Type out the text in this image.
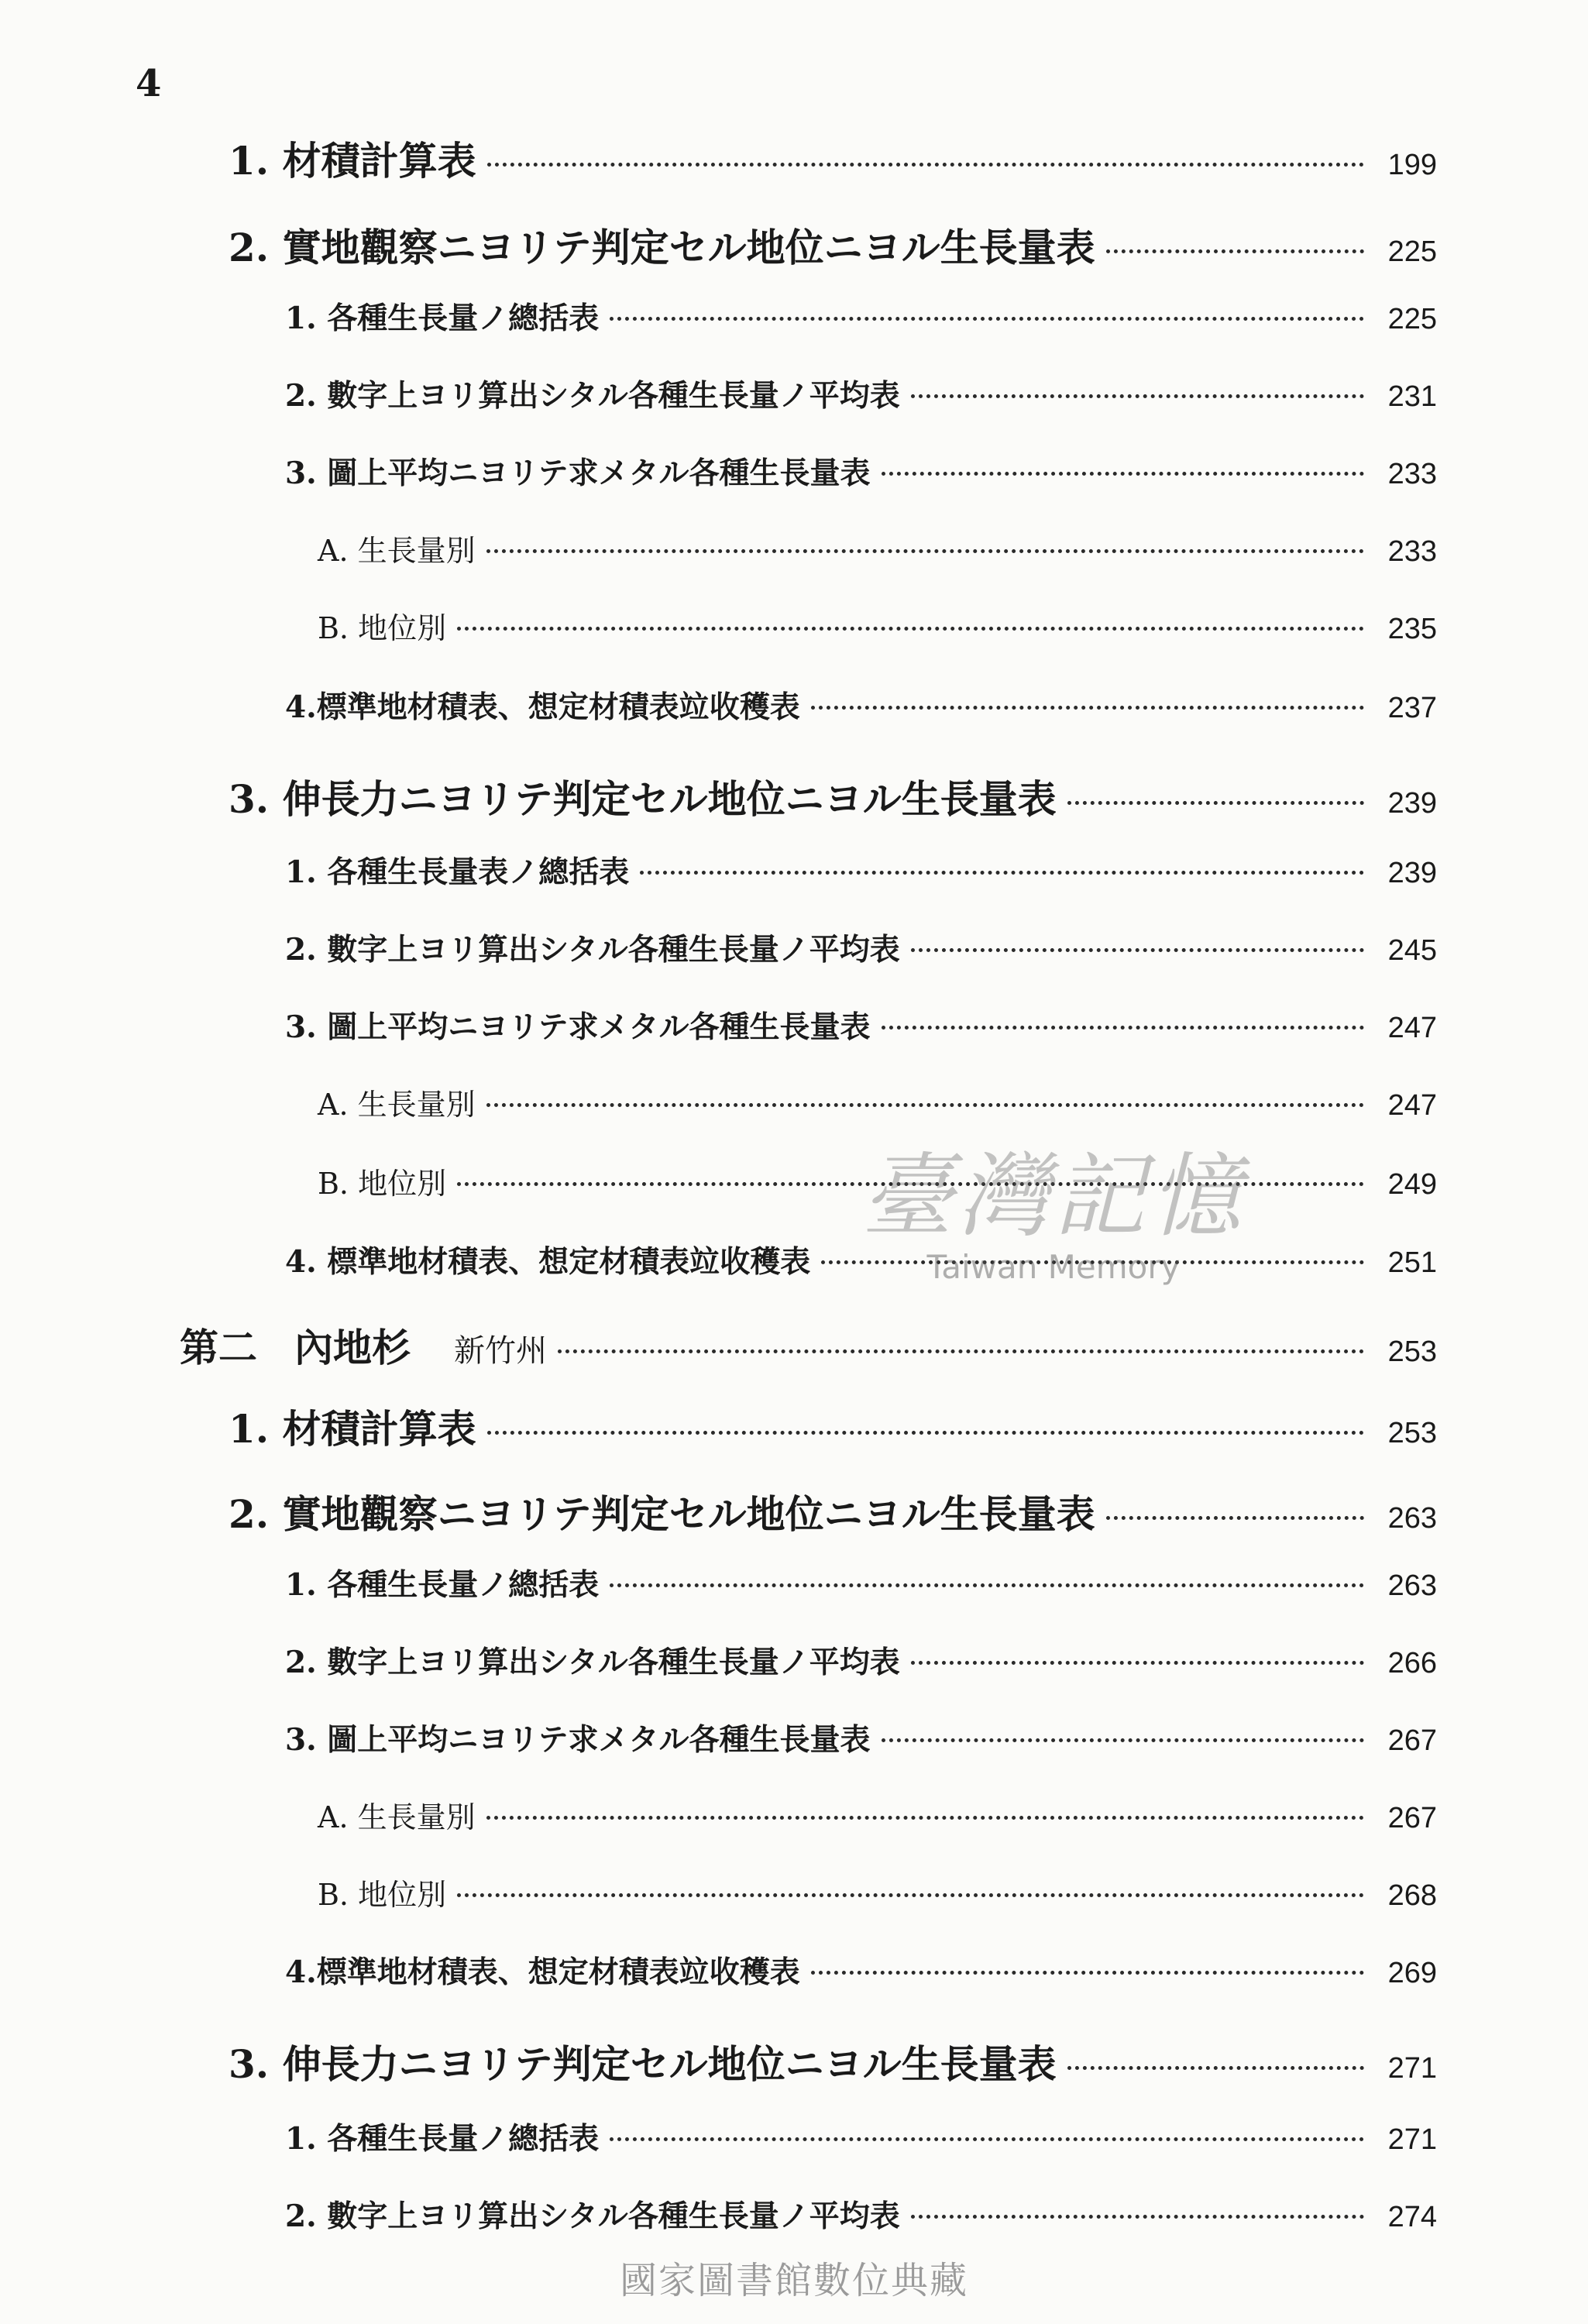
4
1. 材積計算表	199
2. 實地觀察ニヨリテ判定セル地位ニヨル生長量表	225
1. 各種生長量ノ總括表	225
2. 數字上ヨリ算出シタル各種生長量ノ平均表	231
3. 圖上平均ニヨリテ求メタル各種生長量表	233
A. 生長量別	233
B. 地位別	235
4.標準地材積表、想定材積表竝收穫表	237
3. 伸長力ニヨリテ判定セル地位ニヨル生長量表	239
1. 各種生長量表ノ總括表	239
2. 數字上ヨリ算出シタル各種生長量ノ平均表	245
3. 圖上平均ニヨリテ求メタル各種生長量表	247
A. 生長量別	247
B. 地位別	249
4. 標準地材積表、想定材積表竝收穫表	251
第二 內地杉 新竹州	253
1. 材積計算表	253
2. 實地觀察ニヨリテ判定セル地位ニヨル生長量表	263
1. 各種生長量ノ總括表	263
2. 數字上ヨリ算出シタル各種生長量ノ平均表	266
3. 圖上平均ニヨリテ求メタル各種生長量表	267
A. 生長量別	267
B. 地位別	268
4.標準地材積表、想定材積表竝收穫表	269
3. 伸長力ニヨリテ判定セル地位ニヨル生長量表	271
1. 各種生長量ノ總括表	271
2. 數字上ヨリ算出シタル各種生長量ノ平均表	274
臺灣記憶
Taiwan Memory
國家圖書館數位典藏
